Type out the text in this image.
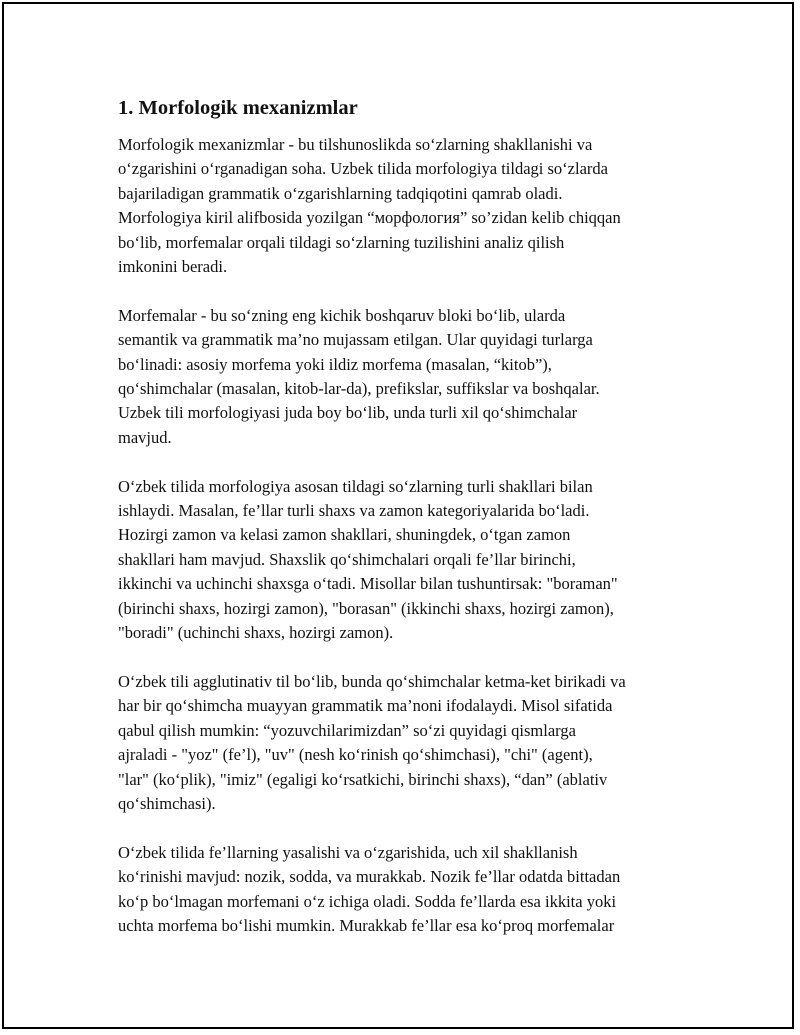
1. Morfologik mexanizmlar
Morfologik mexanizmlar - bu tilshunoslikda so‘zlarning shakllanishi va
o‘zgarishini o‘rganadigan soha. Uzbek tilida morfologiya tildagi so‘zlarda
bajariladigan grammatik o‘zgarishlarning tadqiqotini qamrab oladi.
Morfologiya kiril alifbosida yozilgan “морфология” so’zidan kelib chiqqan
bo‘lib, morfemalar orqali tildagi so‘zlarning tuzilishini analiz qilish
imkonini beradi.
Morfemalar - bu so‘zning eng kichik boshqaruv bloki bo‘lib, ularda
semantik va grammatik ma’no mujassam etilgan. Ular quyidagi turlarga
bo‘linadi: asosiy morfema yoki ildiz morfema (masalan, “kitob”),
qo‘shimchalar (masalan, kitob-lar-da), prefikslar, suffikslar va boshqalar.
Uzbek tili morfologiyasi juda boy bo‘lib, unda turli xil qo‘shimchalar
mavjud.
O‘zbek tilida morfologiya asosan tildagi so‘zlarning turli shakllari bilan
ishlaydi. Masalan, fe’llar turli shaxs va zamon kategoriyalarida bo‘ladi.
Hozirgi zamon va kelasi zamon shakllari, shuningdek, o‘tgan zamon
shakllari ham mavjud. Shaxslik qo‘shimchalari orqali fe’llar birinchi,
ikkinchi va uchinchi shaxsga o‘tadi. Misollar bilan tushuntirsak: "boraman"
(birinchi shaxs, hozirgi zamon), "borasan" (ikkinchi shaxs, hozirgi zamon),
"boradi" (uchinchi shaxs, hozirgi zamon).
O‘zbek tili agglutinativ til bo‘lib, bunda qo‘shimchalar ketma-ket birikadi va
har bir qo‘shimcha muayyan grammatik ma’noni ifodalaydi. Misol sifatida
qabul qilish mumkin: “yozuvchilarimizdan” so‘zi quyidagi qismlarga
ajraladi - "yoz" (fe’l), "uv" (nesh ko‘rinish qo‘shimchasi), "chi" (agent),
"lar" (ko‘plik), "imiz" (egaligi ko‘rsatkichi, birinchi shaxs), “dan” (ablativ
qo‘shimchasi).
O‘zbek tilida fe’llarning yasalishi va o‘zgarishida, uch xil shakllanish
ko‘rinishi mavjud: nozik, sodda, va murakkab. Nozik fe’llar odatda bittadan
ko‘p bo‘lmagan morfemani o‘z ichiga oladi. Sodda fe’llarda esa ikkita yoki
uchta morfema bo‘lishi mumkin. Murakkab fe’llar esa ko‘proq morfemalar
